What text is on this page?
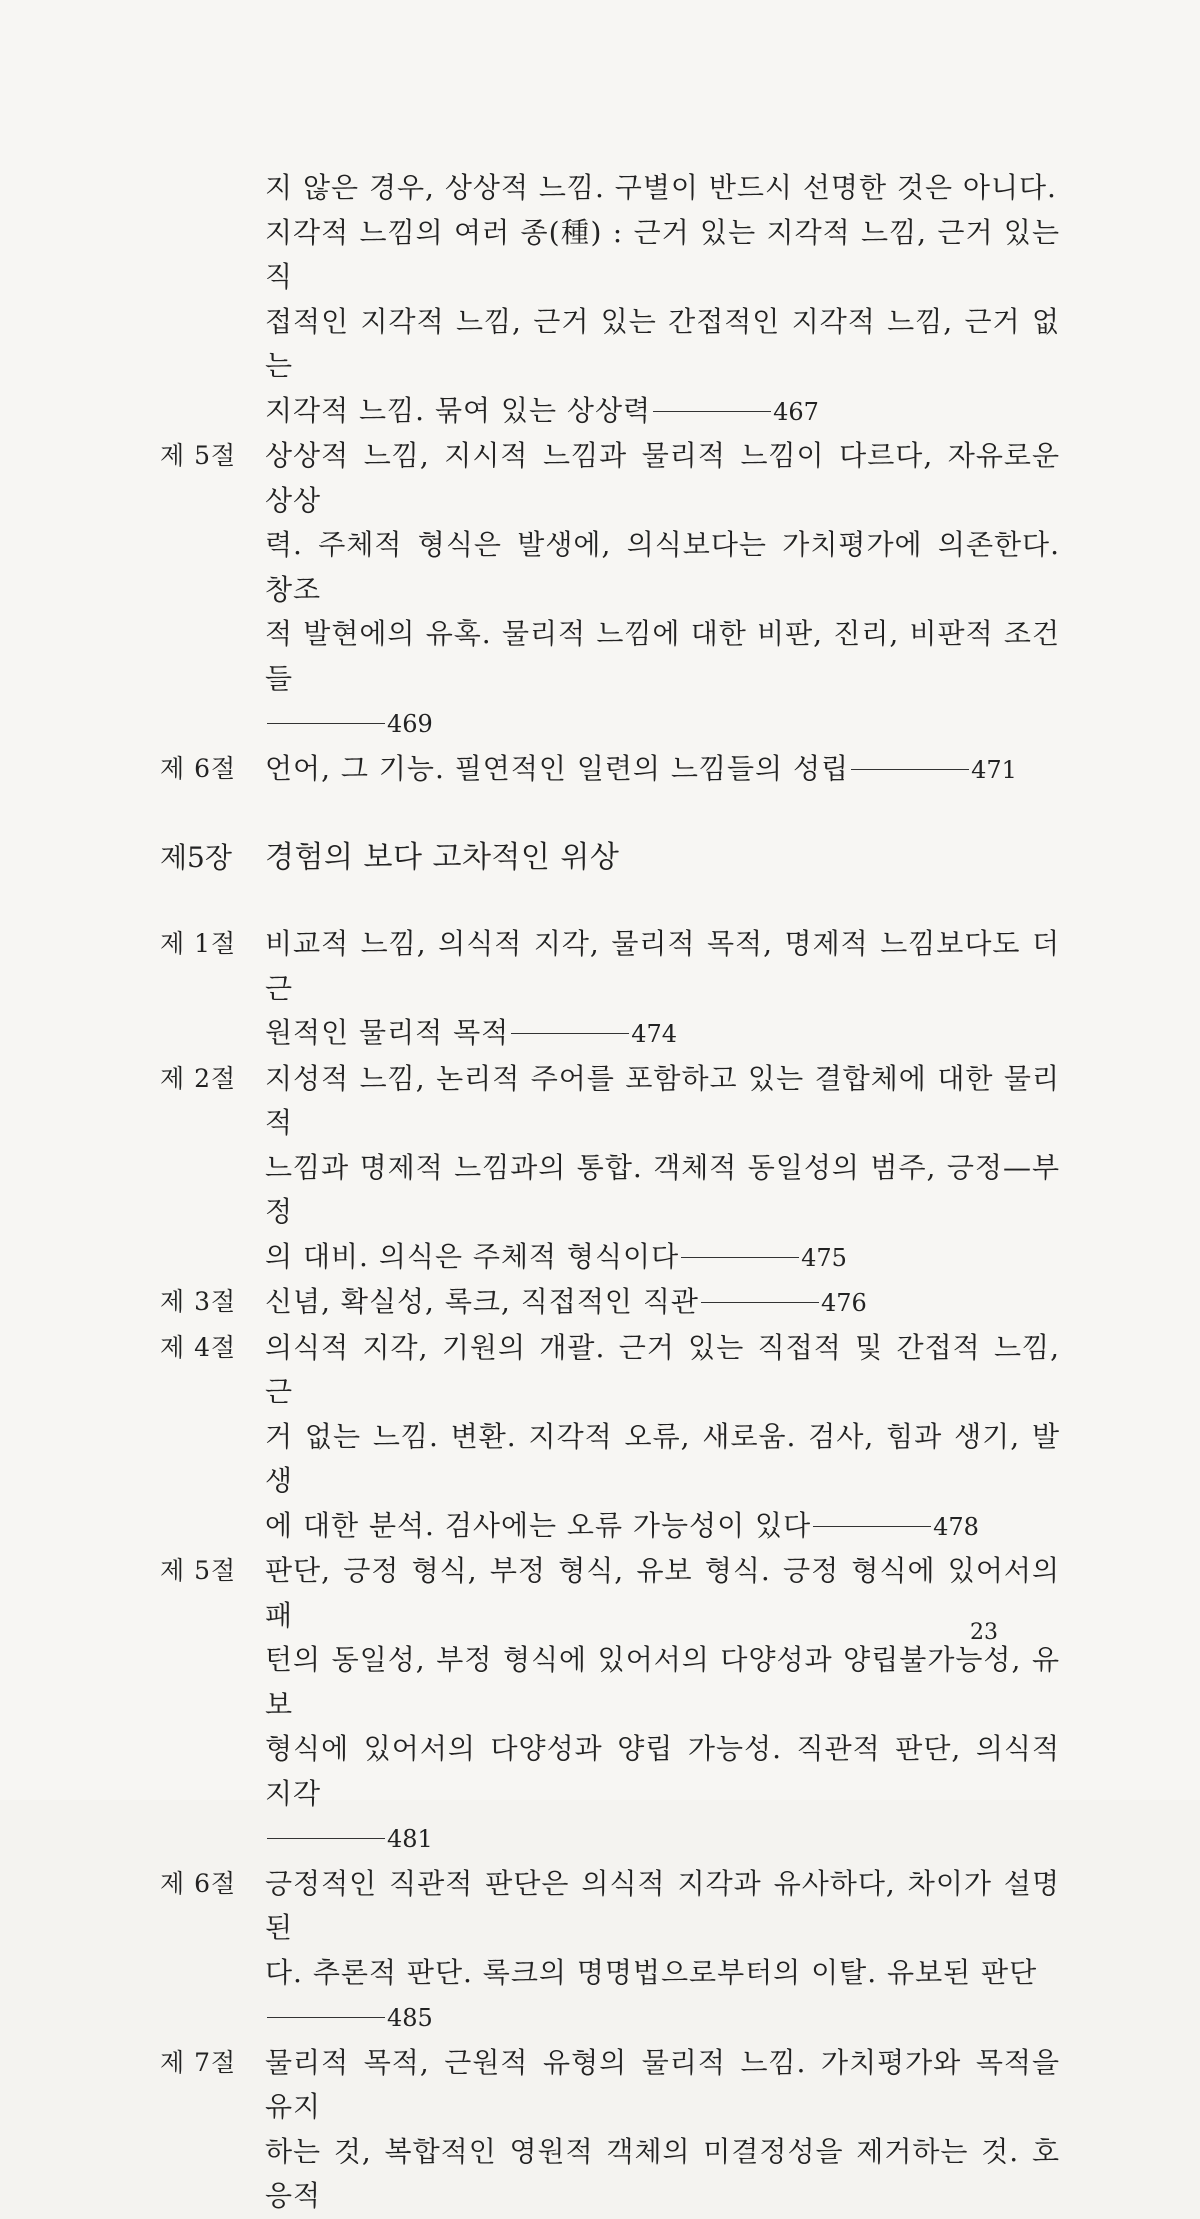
지 않은 경우, 상상적 느낌. 구별이 반드시 선명한 것은 아니다.
지각적 느낌의 여러 종(種) : 근거 있는 지각적 느낌, 근거 있는 직
접적인 지각적 느낌, 근거 있는 간접적인 지각적 느낌, 근거 없는
지각적 느낌. 묶여 있는 상상력	467
제 5절	상상적 느낌, 지시적 느낌과 물리적 느낌이 다르다, 자유로운 상상
력. 주체적 형식은 발생에, 의식보다는 가치평가에 의존한다. 창조
적 발현에의 유혹. 물리적 느낌에 대한 비판, 진리, 비판적 조건들
469
제 6절	언어, 그 기능. 필연적인 일련의 느낌들의 성립	471
제5장	경험의 보다 고차적인 위상
제 1절	비교적 느낌, 의식적 지각, 물리적 목적, 명제적 느낌보다도 더 근
원적인 물리적 목적	474
제 2절	지성적 느낌, 논리적 주어를 포함하고 있는 결합체에 대한 물리적
느낌과 명제적 느낌과의 통합. 객체적 동일성의 범주, 긍정—부정
의 대비. 의식은 주체적 형식이다	475
제 3절	신념, 확실성, 록크, 직접적인 직관	476
제 4절	의식적 지각, 기원의 개괄. 근거 있는 직접적 및 간접적 느낌, 근
거 없는 느낌. 변환. 지각적 오류, 새로움. 검사, 힘과 생기, 발생
에 대한 분석. 검사에는 오류 가능성이 있다	478
제 5절	판단, 긍정 형식, 부정 형식, 유보 형식. 긍정 형식에 있어서의 패
턴의 동일성, 부정 형식에 있어서의 다양성과 양립불가능성, 유보
형식에 있어서의 다양성과 양립 가능성. 직관적 판단, 의식적 지각
481
제 6절	긍정적인 직관적 판단은 의식적 지각과 유사하다, 차이가 설명된
다. 추론적 판단. 록크의 명명법으로부터의 이탈. 유보된 판단
485
제 7절	물리적 목적, 근원적 유형의 물리적 느낌. 가치평가와 목적을 유지
하는 것, 복합적인 영원적 객체의 미결정성을 제거하는 것. 호응적
23
